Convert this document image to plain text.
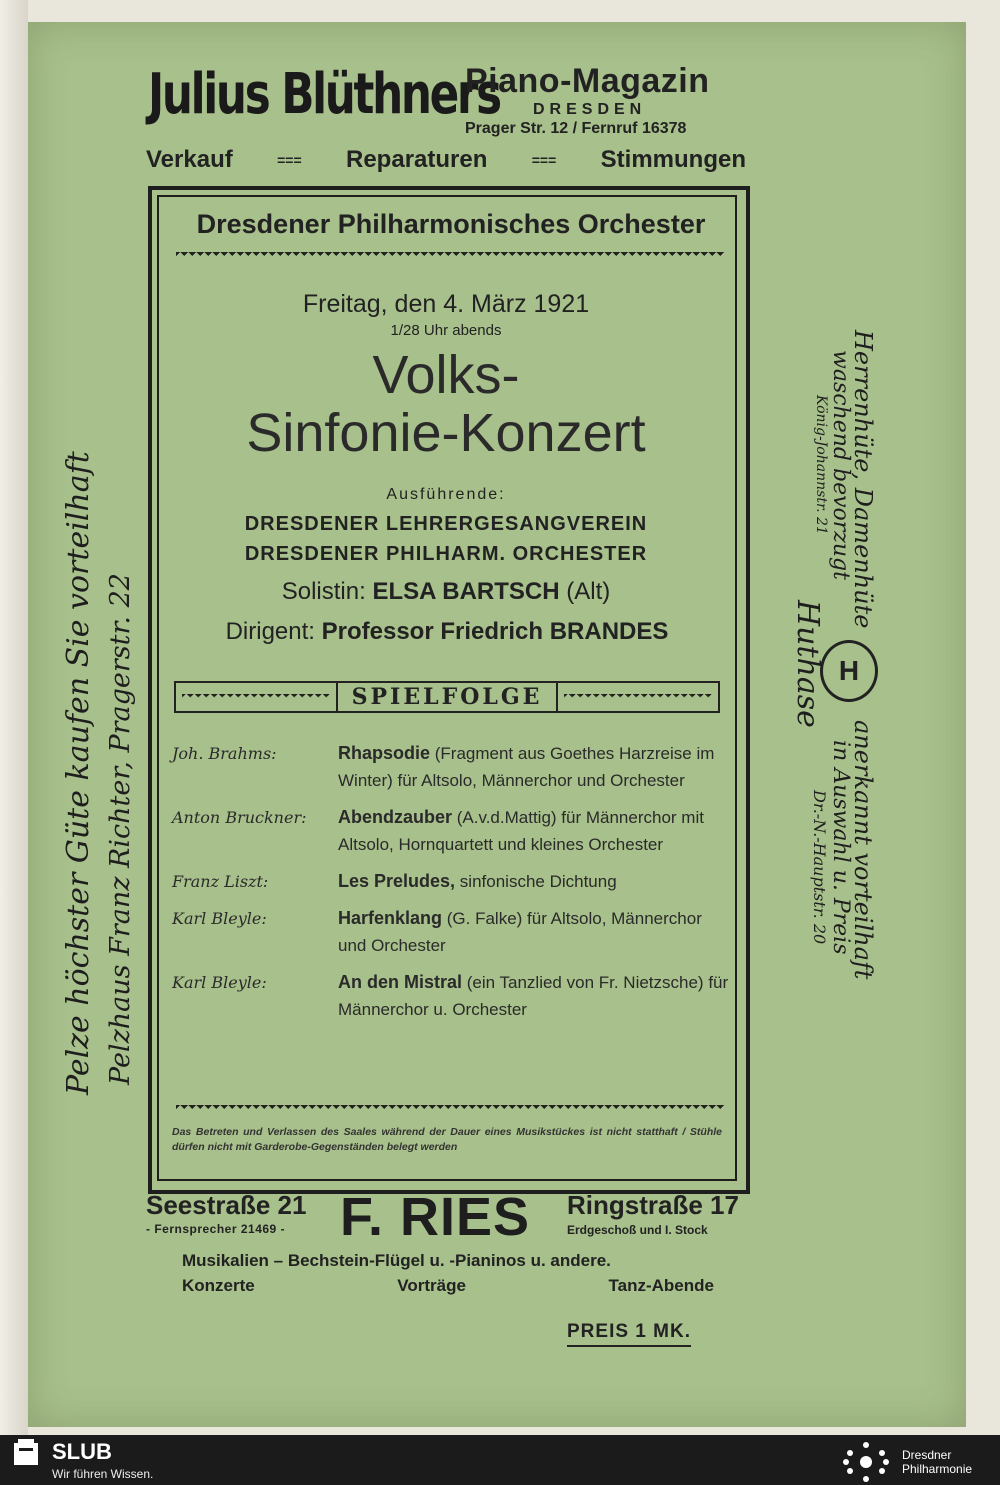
Julius Blüthners
Piano-Magazin
DRESDEN
Prager Str. 12 / Fernruf 16378
Verkauf	=== Reparaturen	=== Stimmungen
Dresdener Philharmonisches Orchester
Freitag, den 4. März 1921
1/28 Uhr abends
Volks-
Sinfonie-Konzert
Ausführende:
DRESDENER LEHRERGESANGVEREIN
DRESDENER PHILHARM. ORCHESTER
Solistin: ELSA BARTSCH (Alt)
Dirigent: Professor Friedrich BRANDES
SPIELFOLGE
Joh. Brahms:	Rhapsodie (Fragment aus Goethes Harzreise im Winter) für Altsolo, Männerchor und Orchester
Anton Bruckner:	Abendzauber (A.v.d.Mattig) für Männerchor mit Altsolo, Hornquartett und kleines Orchester
Franz Liszt:	Les Preludes, sinfonische Dichtung
Karl Bleyle:	Harfenklang (G. Falke) für Altsolo, Männerchor und Orchester
Karl Bleyle:	An den Mistral (ein Tanzlied von Fr. Nietzsche) für Männerchor u. Orchester
Das Betreten und Verlassen des Saales während der Dauer eines Musikstückes ist nicht statthaft / Stühle dürfen nicht mit Garderobe-Gegenständen belegt werden
Seestraße 21
- Fernsprecher 21469 - F. RIES Ringstraße 17
Erdgeschoß und I. Stock
Musikalien – Bechstein-Flügel u. -Pianinos u. andere.
Konzerte	Vorträge	Tanz-Abende
PREIS 1 MK.
Pelze höchster Güte kaufen Sie vorteilhaft Pelzhaus Franz Richter, Pragerstr. 22
Herrenhüte, Damenhüte
waschend bevorzugt
König-Johannstr. 21
Huthase
anerkannt vorteilhaft
in Auswahl u. Preis
Dr.-N.-Hauptstr. 20
H
SLUB
Wir führen Wissen.
Dresdner
Philharmonie
